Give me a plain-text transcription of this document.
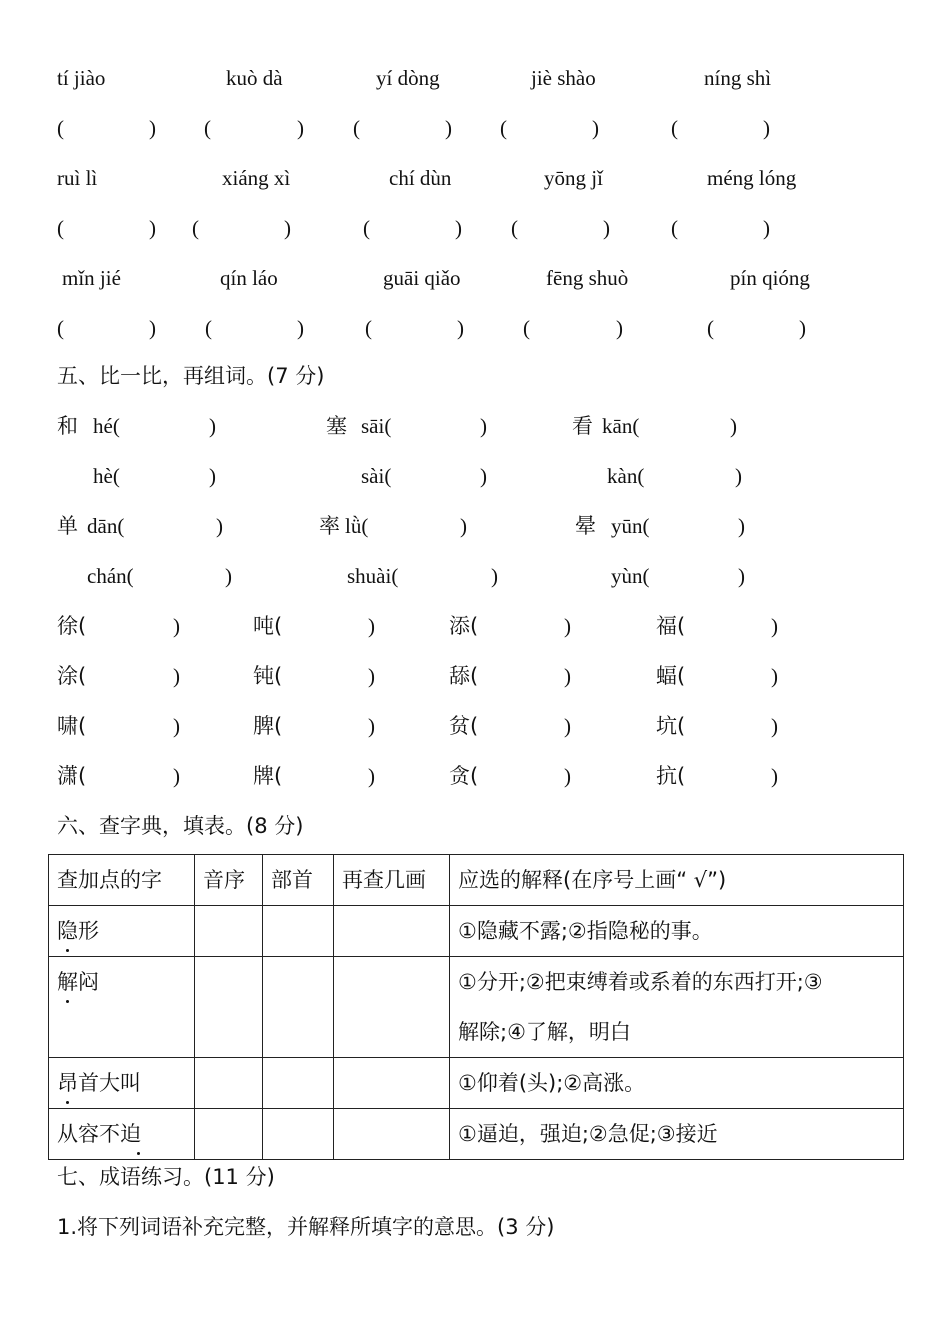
tí jiào	kuò dà	yí dòng	jiè shào	níng shì
(	) (	) (	) (	)	(	)
ruì lì	xiáng xì	chí dùn	yōng jǐ	méng lóng
(	) (	)	(	) (	)	(	)
mǐn jié	qín láo	guāi qiǎo	fēng shuò	pín qióng
(	) (	)	(	)	(	)	(	)
五、比一比，再组词。(7 分)
和 hé(	)	塞 sāi(	)	看 kān(	)
hè(	)	sài(	)	kàn(	)
单 dān(	)	率 lǜ(	)	晕 yūn(	)
chán(	)	shuài(	)	yùn(	)
徐(	)	吨(	)	添(	)	福(	)
涂(	)	钝(	)	舔(	)	蝠(	)
啸(	)	脾(	)	贫(	)	坑(	)
潇(	)	牌(	)	贪(	)	抗(	)
六、查字典，填表。(8 分)
查加点的字	音序	部首	再查几画	应选的解释(在序号上画“ √”)
隐形				①隐藏不露;②指隐秘的事。
解闷				①分开;②把束缚着或系着的东西打开;③
解除;④了解，明白

昂首大叫				①仰着(头);②高涨。
从容不迫				①逼迫，强迫;②急促;③接近
七、成语练习。(11 分)
1.将下列词语补充完整，并解释所填字的意思。(3 分)
